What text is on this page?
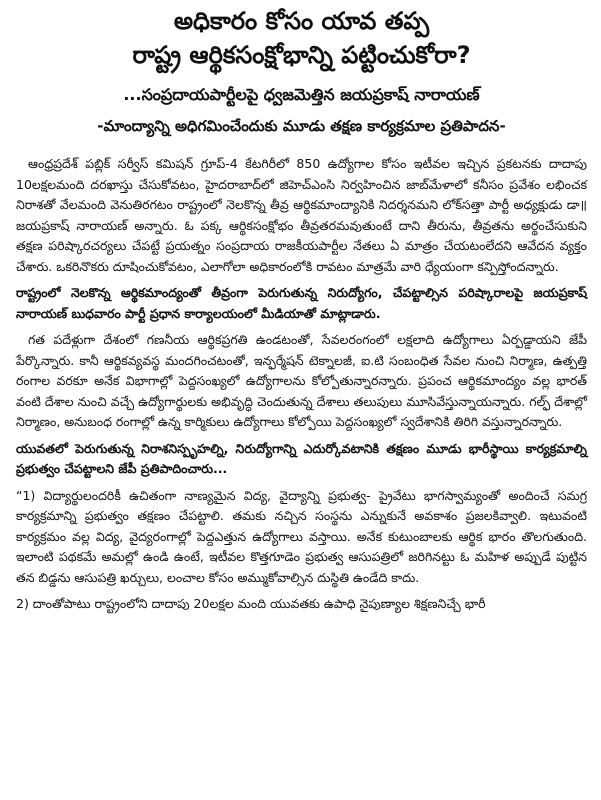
అధికారం కోసం యావ తప్ప
రాష్ట్ర ఆర్థికసంక్షోభాన్ని పట్టించుకోరా?
...సంప్రదాయపార్టీలపై ధ్వజమెత్తిన జయప్రకాష్ నారాయణ్
-మాంద్యాన్ని అధిగమించేందుకు మూడు తక్షణ కార్యక్రమాల ప్రతిపాదన-

ఆంధ్రప్రదేశ్ పబ్లిక్ సర్వీస్ కమిషన్ గ్రూప్-4 కేటగిరీలో 850 ఉద్యోగాల కోసం ఇటీవల ఇచ్చిన ప్రకటనకు దాదాపు 10లక్షలమంది దరఖాస్తు చేసుకోవటం, హైదరాబాద్‌లో జిహెచ్ఎంసి నిర్వహించిన జాబ్‌మేళాలో కనీసం ప్రవేశం లభించక నిరాశతో వేలమంది వెనుతిరగటం రాష్ట్రంలో నెలకొన్న తీవ్ర ఆర్థికమాంద్యానికి నిదర్శనమని లోక్‌సత్తా పార్టీ అధ్యక్షుడు డా॥ జయప్రకాష్ నారాయణ్ అన్నారు. ఓ పక్క ఆర్థికసంక్షోభం తీవ్రతరమవుతుంటే దాని తీరును, తీవ్రతను అర్థంచేసుకుని తక్షణ పరిష్కారచర్యలు చేపట్టే ప్రయత్నం సంప్రదాయ రాజకీయపార్టీల నేతలు ఏ మాత్రం చేయటంలేదని ఆవేదన వ్యక్తం చేశారు. ఒకరినొకరు దూషించుకోవటం, ఎలాగోలా అధికారంలోకి రావటం మాత్రమే వారి ధ్యేయంగా కన్పిస్తోందన్నారు.

రాష్ట్రంలో నెలకొన్న ఆర్థికమాంద్యంతో తీవ్రంగా పెరుగుతున్న నిరుద్యోగం, చేపట్టాల్సిన పరిష్కారాలపై జయప్రకాష్ నారాయణ్ బుధవారం పార్టీ ప్రధాన కార్యాలయంలో మీడియాతో మాట్లాడారు.

గత పదేళ్లుగా దేశంలో గణనీయ ఆర్థికప్రగతి ఉండటంతో, సేవలరంగంలో లక్షలాది ఉద్యోగాలు ఏర్పడ్డాయని జేపీ పేర్కొన్నారు. కానీ ఆర్థికవ్యవస్థ మందగించటంతో, ఇన్ఫర్మేషన్ టెక్నాలజీ, ఐ.టి సంబంధిత సేవల నుంచి నిర్మాణ, ఉత్పత్తి రంగాల వరకూ అనేక విభాగాల్లో పెద్దసంఖ్యలో ఉద్యోగాలను కోల్పోతున్నారన్నారు. ప్రపంచ ఆర్థికమాంద్యం వల్ల భారత్ వంటి దేశాల నుంచి వచ్చే ఉద్యోగార్థులకు అభివృద్ధి చెందుతున్న దేశాలు తలుపులు మూసివేస్తున్నాయన్నారు. గల్ఫ్ దేశాల్లో నిర్మాణం, అనుబంధ రంగాల్లో ఉన్న కార్మికులు ఉద్యోగాలు కోల్పోయి పెద్దసంఖ్యలో స్వదేశానికి తిరిగి వస్తున్నారన్నారు.

యువతలో పెరుగుతున్న నిరాశనిస్పృహల్ని, నిరుద్యోగాన్ని ఎదుర్కోవటానికి తక్షణం మూడు భారీస్థాయి కార్యక్రమాల్ని ప్రభుత్వం చేపట్టాలని జేపీ ప్రతిపాదించారు...

“1) విద్యార్థులందరికీ ఉచితంగా నాణ్యమైన విద్య, వైద్యాన్ని ప్రభుత్వ- ప్రైవేటు భాగస్వామ్యంతో అందించే సమగ్ర కార్యక్రమాన్ని ప్రభుత్వం తక్షణం చేపట్టాలి. తమకు నచ్చిన సంస్థను ఎన్నుకునే అవకాశం ప్రజలకివ్వాలి. ఇటువంటి కార్యక్రమం వల్ల విద్య, వైద్యరంగాల్లో పెద్దఎత్తున ఉద్యోగాలు వస్తాయి. అనేక కుటుంబాలకు ఆర్థిక భారం తొలగుతుంది. ఇలాంటి పథకమే అమల్లో ఉండి ఉంటే, ఇటీవల కొత్తగూడెం ప్రభుత్వ ఆసుపత్రిలో జరిగినట్టు ఓ మహిళ అప్పుడే పుట్టిన తన బిడ్డను ఆసుపత్రి ఖర్చులు, లంచాల కోసం అమ్ముకోవాల్సిన దుస్థితి ఉండేది కాదు.

2) దాంతోపాటు రాష్ట్రంలోని దాదాపు 20లక్షల మంది యువతకు ఉపాధి నైపుణ్యాల శిక్షణనిచ్చే భారీ
